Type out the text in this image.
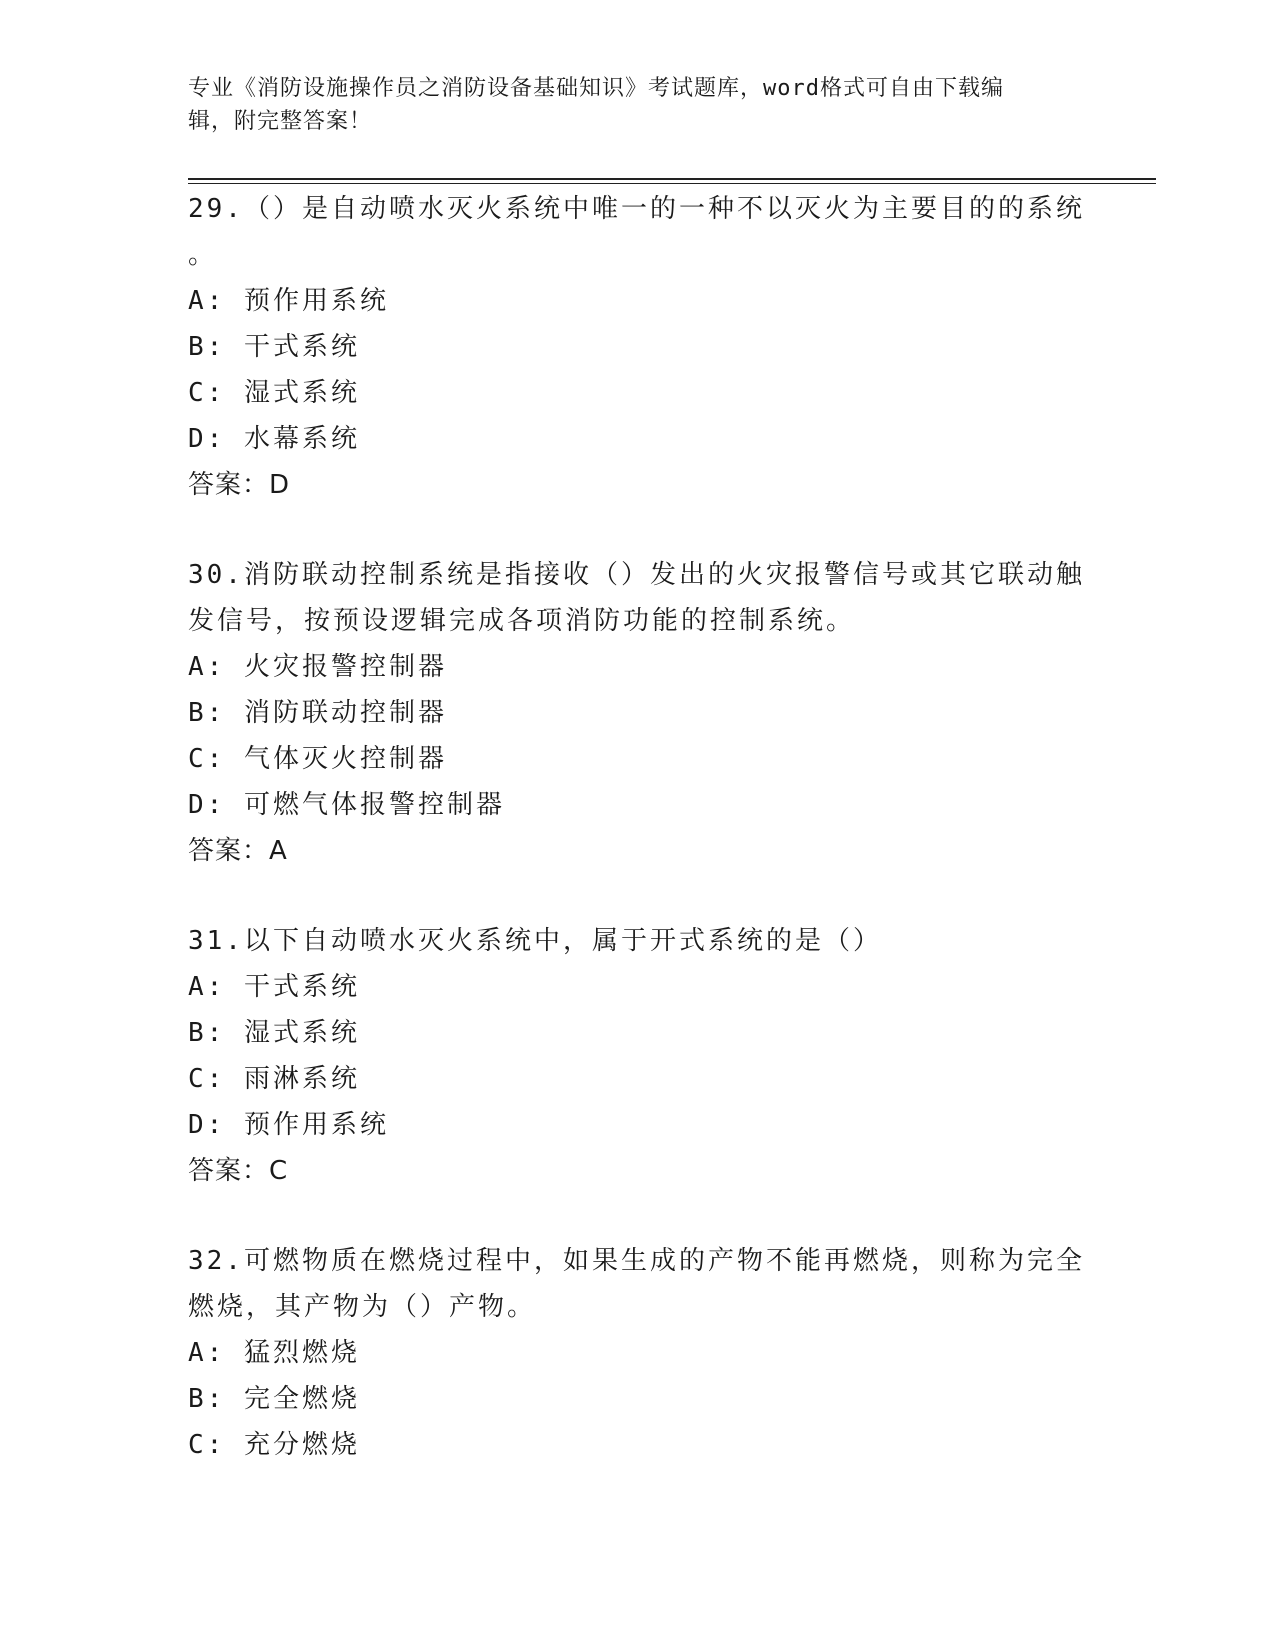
专业《消防设施操作员之消防设备基础知识》考试题库，word格式可自由下载编
辑，附完整答案！
29.（）是自动喷水灭火系统中唯一的一种不以灭火为主要目的的系统
。
A: 预作用系统
B: 干式系统
C: 湿式系统
D: 水幕系统
答案：D
30.消防联动控制系统是指接收（）发出的火灾报警信号或其它联动触
发信号，按预设逻辑完成各项消防功能的控制系统。
A: 火灾报警控制器
B: 消防联动控制器
C: 气体灭火控制器
D: 可燃气体报警控制器
答案：A
31.以下自动喷水灭火系统中，属于开式系统的是（）
A: 干式系统
B: 湿式系统
C: 雨淋系统
D: 预作用系统
答案：C
32.可燃物质在燃烧过程中，如果生成的产物不能再燃烧，则称为完全
燃烧，其产物为（）产物。
A: 猛烈燃烧
B: 完全燃烧
C: 充分燃烧
